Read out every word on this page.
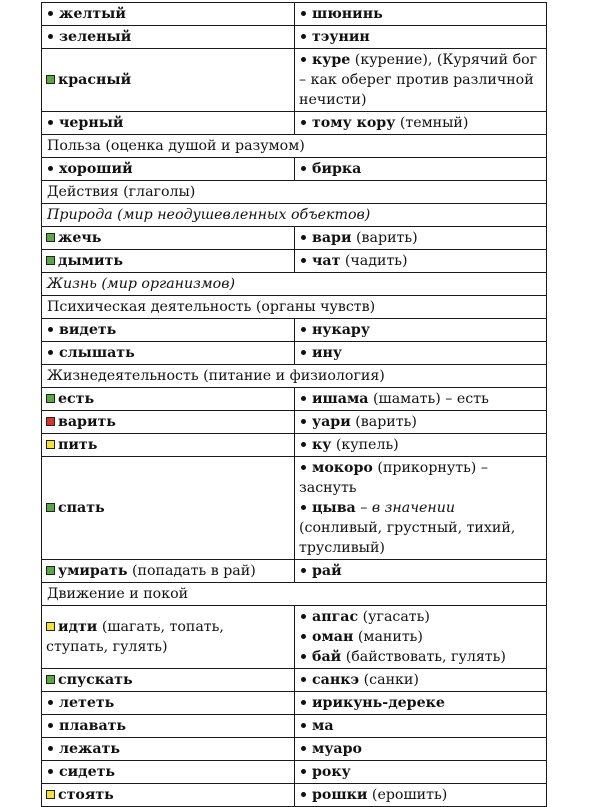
желтый	шюнинь

зеленый	тэунин

красный	куре (курение), (Курячий бог – как оберег против различной нечисти)

черный	тому кору (темный)

Польза (оценка душой и разумом)	

хороший	бирка

Действия (глаголы)	
Природа (мир неодушевленных объектов)	

жечь	вари (варить)

дымить	чат (чадить)

Жизнь (мир организмов)	
Психическая деятельность (органы чувств)	

видеть	нукару

слышать	ину

Жизнедеятельность (питание и физиология)	

есть	ишама (шамать) – есть

варить	уари (варить)

пить	ку (купель)

спать	мокоро (прикорнуть) – заснуть
цыва – в значении (сонливый, грустный, тихий, трусливый)

умирать (попадать в рай)	рай

Движение и покой	

идти (шагать, топать, ступать, гулять)	апгас (угасать)
оман (манить)
бай (байствовать, гулять)

спускать	санкэ (санки)

лететь	ирикунь-дереке

плавать	ма

лежать	муаро

сидеть	року

стоять	рошки (ерошить)
